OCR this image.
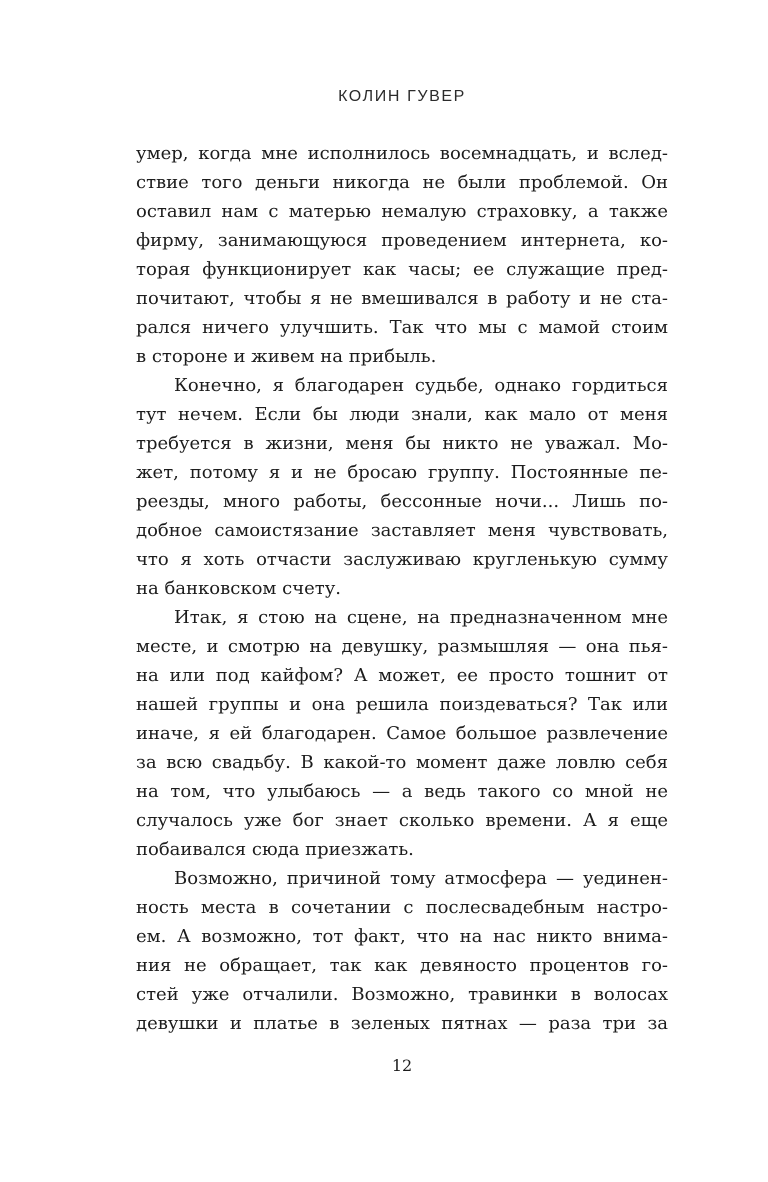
КОЛИН ГУВЕР
умер, когда мне исполнилось восемнадцать, и вслед-
ствие того деньги никогда не были проблемой. Он
оставил нам с матерью немалую страховку, а также
фирму, занимающуюся проведением интернета, ко-
торая функционирует как часы; ее служащие пред-
почитают, чтобы я не вмешивался в работу и не ста-
рался ничего улучшить. Так что мы с мамой стоим
в стороне и живем на прибыль.
Конечно, я благодарен судьбе, однако гордиться
тут нечем. Если бы люди знали, как мало от меня
требуется в жизни, меня бы никто не уважал. Мо-
жет, потому я и не бросаю группу. Постоянные пе-
реезды, много работы, бессонные ночи... Лишь по-
добное самоистязание заставляет меня чувствовать,
что я хоть отчасти заслуживаю кругленькую сумму
на банковском счету.
Итак, я стою на сцене, на предназначенном мне
месте, и смотрю на девушку, размышляя — она пья-
на или под кайфом? А может, ее просто тошнит от
нашей группы и она решила поиздеваться? Так или
иначе, я ей благодарен. Самое большое развлечение
за всю свадьбу. В какой-то момент даже ловлю себя
на том, что улыбаюсь — а ведь такого со мной не
случалось уже бог знает сколько времени. А я еще
побаивался сюда приезжать.
Возможно, причиной тому атмосфера — уединен-
ность места в сочетании с послесвадебным настро-
ем. А возможно, тот факт, что на нас никто внима-
ния не обращает, так как девяносто процентов го-
стей уже отчалили. Возможно, травинки в волосах
девушки и платье в зеленых пятнах — раза три за
12
